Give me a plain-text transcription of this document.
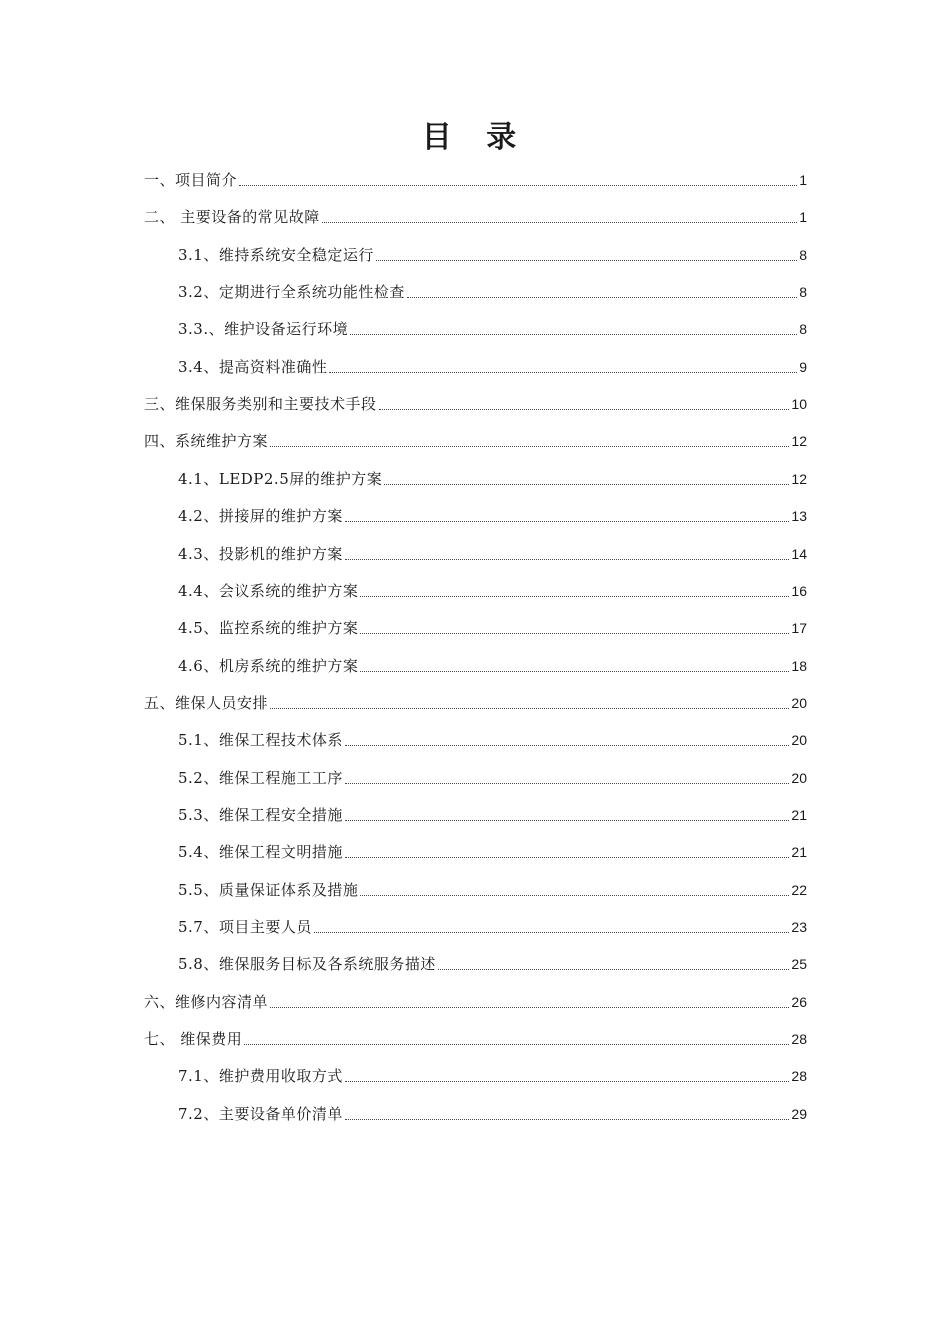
目 录
一、项目简介	1
二、 主要设备的常见故障	1
3.1、维持系统安全稳定运行	8
3.2、定期进行全系统功能性检查	8
3.3.、维护设备运行环境	8
3.4、提高资料准确性	9
三、维保服务类别和主要技术手段	10
四、系统维护方案	12
4.1、LEDP2.5屏的维护方案	12
4.2、拼接屏的维护方案	13
4.3、投影机的维护方案	14
4.4、会议系统的维护方案	16
4.5、监控系统的维护方案	17
4.6、机房系统的维护方案	18
五、维保人员安排	20
5.1、维保工程技术体系	20
5.2、维保工程施工工序	20
5.3、维保工程安全措施	21
5.4、维保工程文明措施	21
5.5、质量保证体系及措施	22
5.7、项目主要人员	23
5.8、维保服务目标及各系统服务描述	25
六、维修内容清单	26
七、 维保费用	28
7.1、维护费用收取方式	28
7.2、主要设备单价清单	29
